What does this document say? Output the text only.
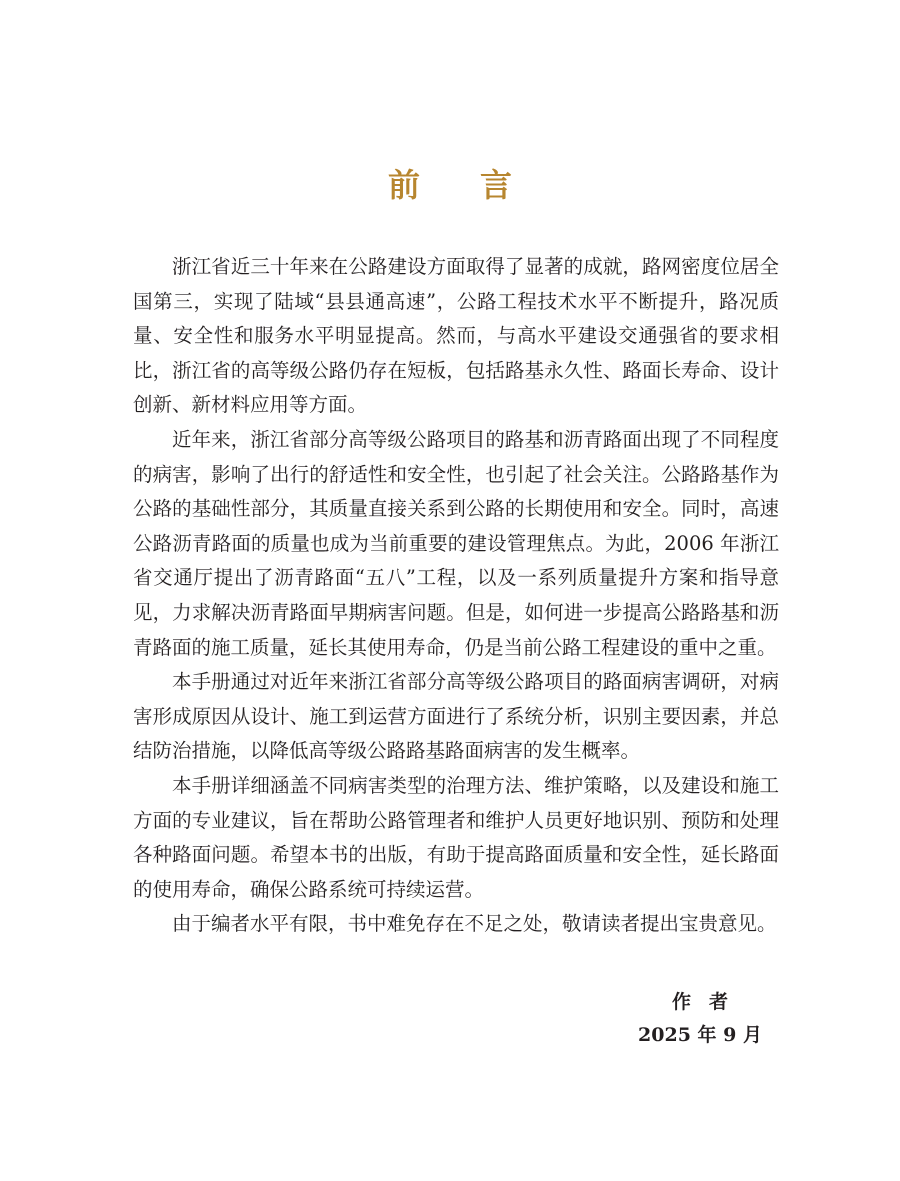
前言

浙江省近三十年来在公路建设方面取得了显著的成就，路网密度位居全国第三，实现了陆域“县县通高速”，公路工程技术水平不断提升，路况质量、安全性和服务水平明显提高。然而，与高水平建设交通强省的要求相比，浙江省的高等级公路仍存在短板，包括路基永久性、路面长寿命、设计创新、新材料应用等方面。

近年来，浙江省部分高等级公路项目的路基和沥青路面出现了不同程度的病害，影响了出行的舒适性和安全性，也引起了社会关注。公路路基作为公路的基础性部分，其质量直接关系到公路的长期使用和安全。同时，高速公路沥青路面的质量也成为当前重要的建设管理焦点。为此，2006 年浙江省交通厅提出了沥青路面“五八”工程，以及一系列质量提升方案和指导意见，力求解决沥青路面早期病害问题。但是，如何进一步提高公路路基和沥青路面的施工质量，延长其使用寿命，仍是当前公路工程建设的重中之重。

本手册通过对近年来浙江省部分高等级公路项目的路面病害调研，对病害形成原因从设计、施工到运营方面进行了系统分析，识别主要因素，并总结防治措施，以降低高等级公路路基路面病害的发生概率。

本手册详细涵盖不同病害类型的治理方法、维护策略，以及建设和施工方面的专业建议，旨在帮助公路管理者和维护人员更好地识别、预防和处理各种路面问题。希望本书的出版，有助于提高路面质量和安全性，延长路面的使用寿命，确保公路系统可持续运营。

由于编者水平有限，书中难免存在不足之处，敬请读者提出宝贵意见。

作者
2025 年 9 月
